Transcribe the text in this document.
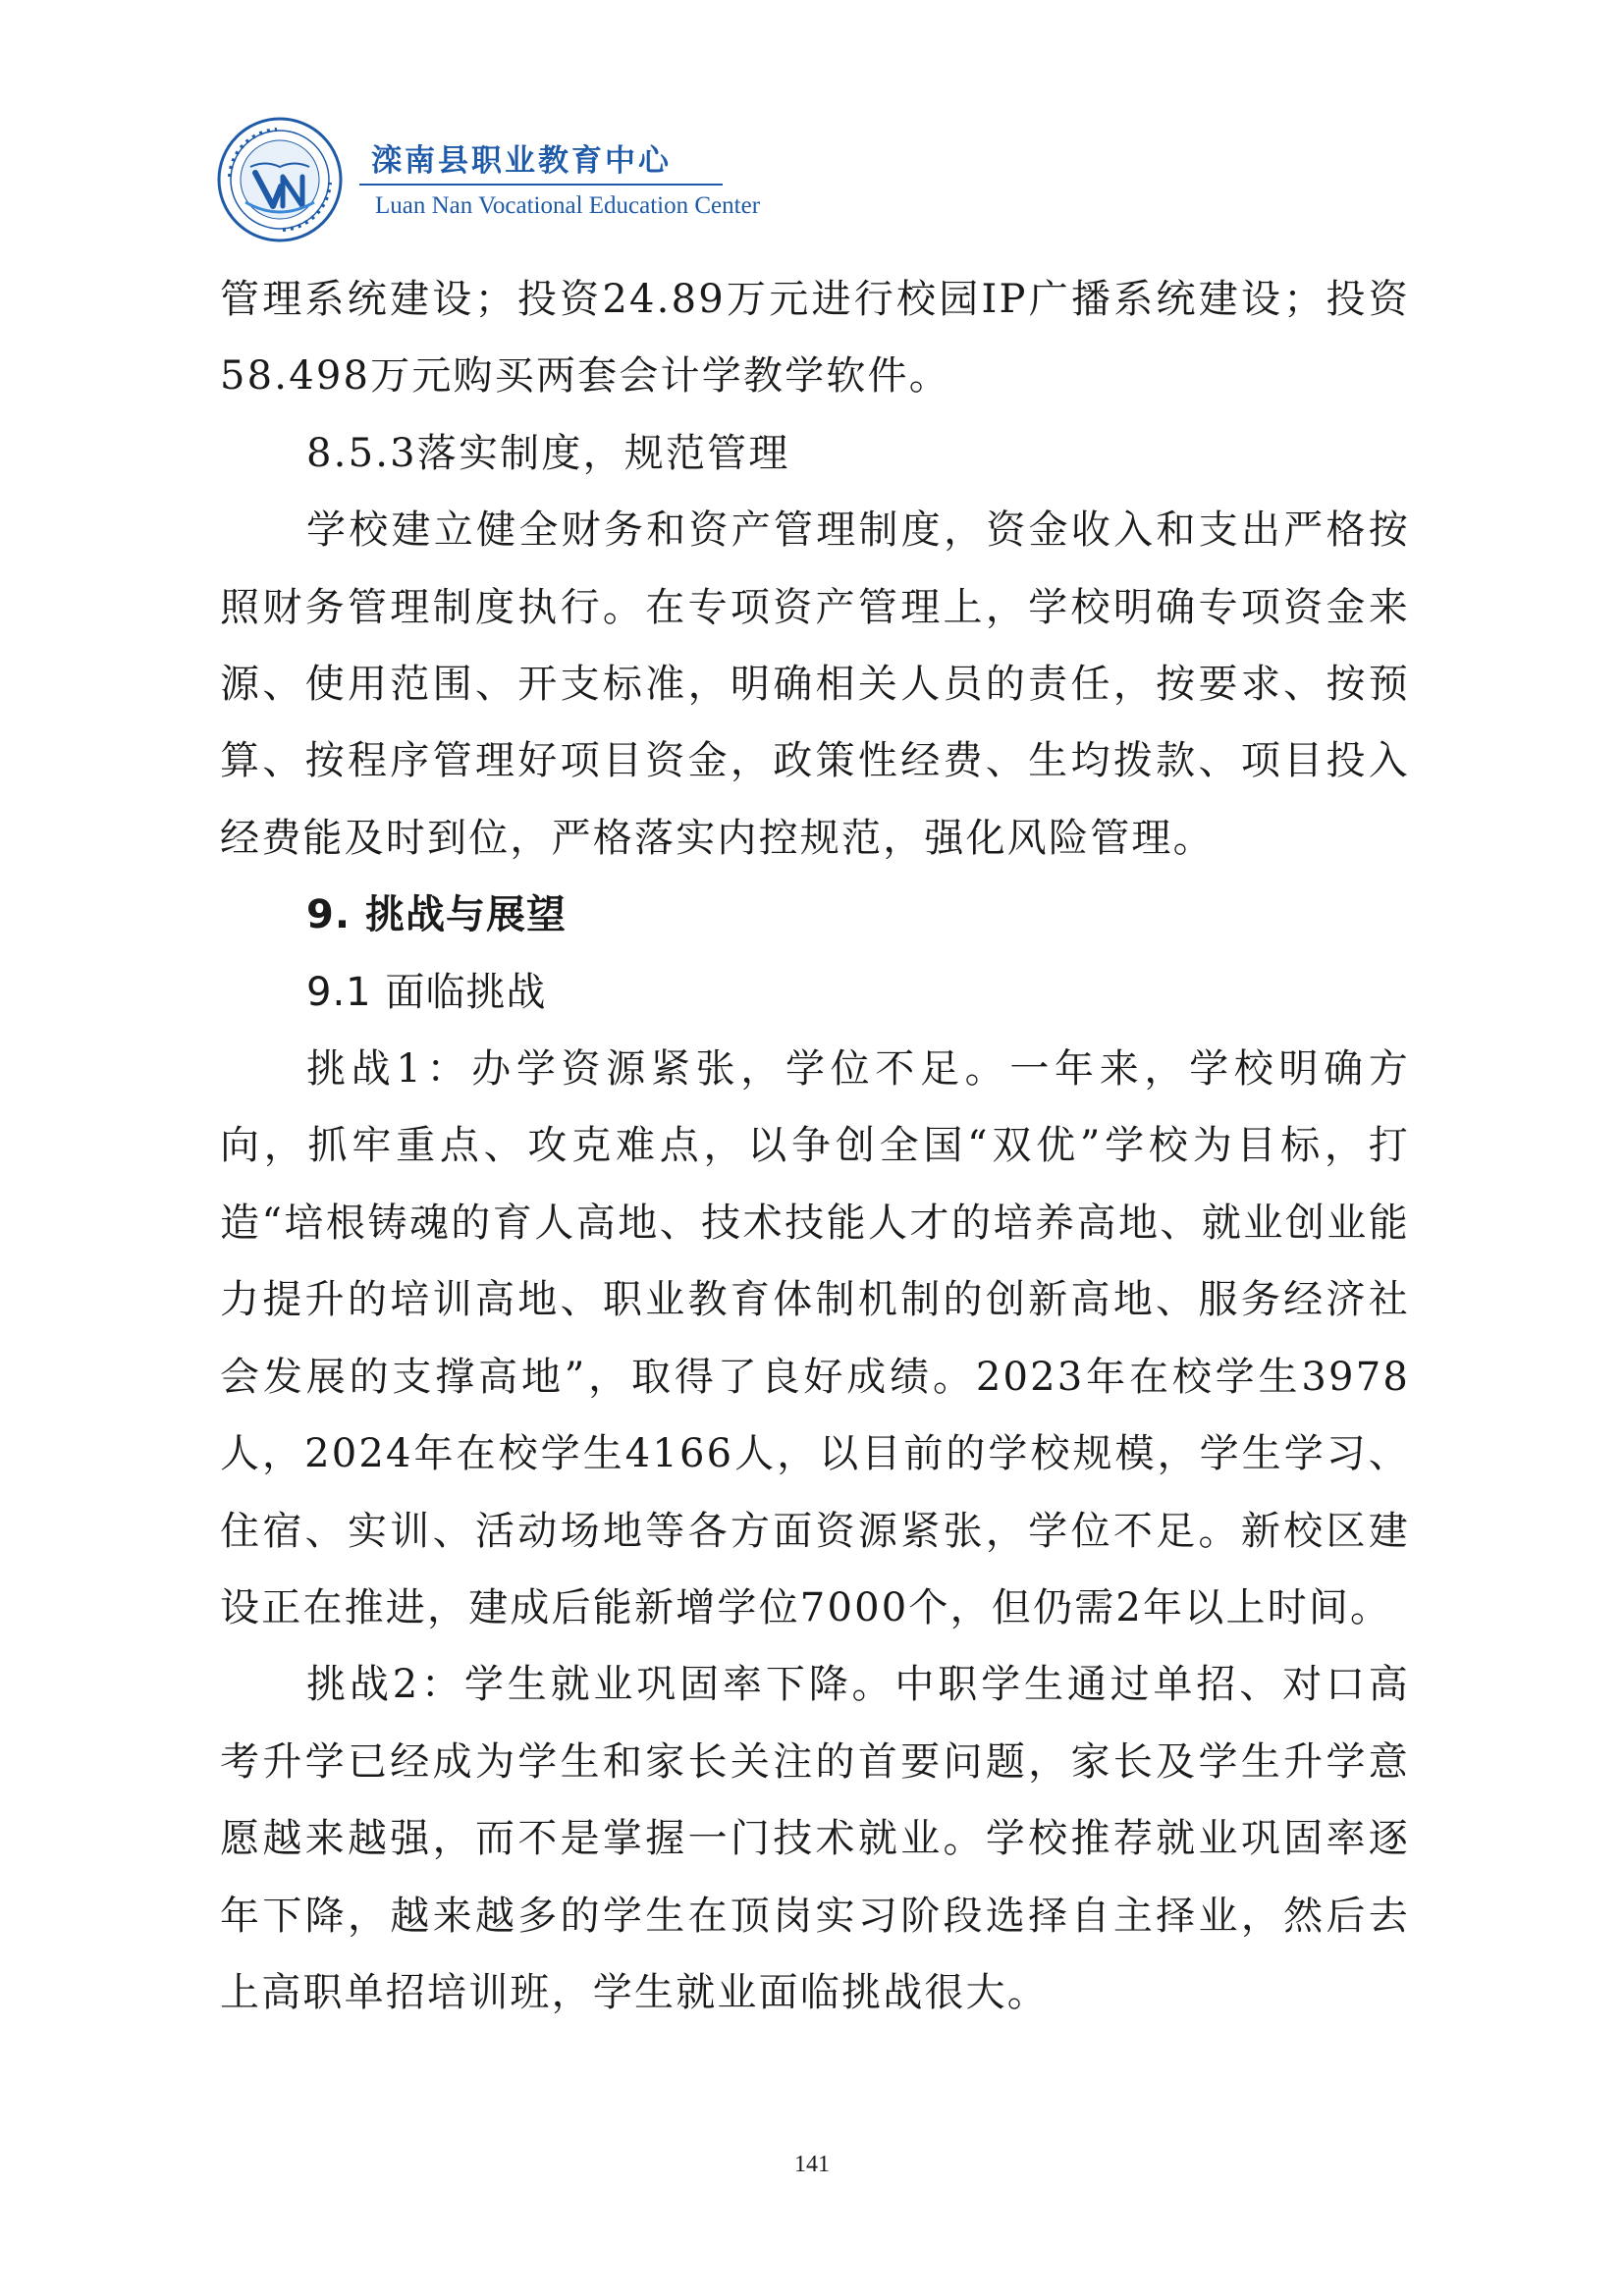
滦南县职业教育中心
Luan Nan Vocational Education Center

管理系统建设；投资24.89万元进行校园IP广播系统建设；投资58.498万元购买两套会计学教学软件。

8.5.3落实制度，规范管理

学校建立健全财务和资产管理制度，资金收入和支出严格按照财务管理制度执行。在专项资产管理上，学校明确专项资金来源、使用范围、开支标准，明确相关人员的责任，按要求、按预算、按程序管理好项目资金，政策性经费、生均拨款、项目投入经费能及时到位，严格落实内控规范，强化风险管理。

9. 挑战与展望

9.1 面临挑战

挑战1：办学资源紧张，学位不足。一年来，学校明确方向，抓牢重点、攻克难点，以争创全国“双优”学校为目标，打造“培根铸魂的育人高地、技术技能人才的培养高地、就业创业能力提升的培训高地、职业教育体制机制的创新高地、服务经济社会发展的支撑高地”，取得了良好成绩。2023年在校学生3978人，2024年在校学生4166人，以目前的学校规模，学生学习、住宿、实训、活动场地等各方面资源紧张，学位不足。新校区建设正在推进，建成后能新增学位7000个，但仍需2年以上时间。

挑战2：学生就业巩固率下降。中职学生通过单招、对口高考升学已经成为学生和家长关注的首要问题，家长及学生升学意愿越来越强，而不是掌握一门技术就业。学校推荐就业巩固率逐年下降，越来越多的学生在顶岗实习阶段选择自主择业，然后去上高职单招培训班，学生就业面临挑战很大。

141
